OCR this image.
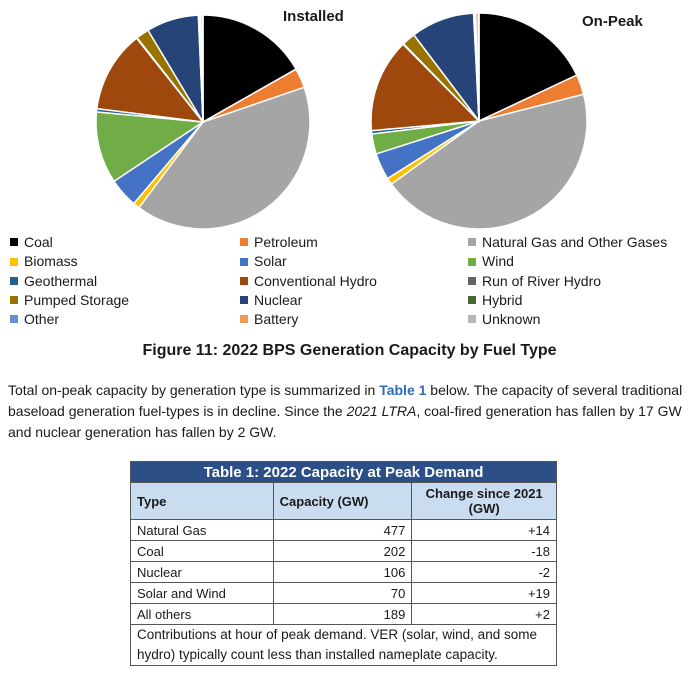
Installed	On-Peak
Coal	Petroleum	Natural Gas and Other Gases
Biomass	Solar	Wind
Geothermal	Conventional Hydro	Run of River Hydro
Pumped Storage	Nuclear	Hybrid
Other	Battery	Unknown
Figure 11: 2022 BPS Generation Capacity by Fuel Type
Total on-peak capacity by generation type is summarized in Table 1 below. The capacity of several traditional baseload generation fuel-types is in decline. Since the 2021 LTRA, coal-fired generation has fallen by 17 GW and nuclear generation has fallen by 2 GW.
Table 1: 2022 Capacity at Peak Demand		
Type	Capacity (GW)	Change since 2021 (GW)
Natural Gas	477	+14
Coal	202	-18
Nuclear	106	-2
Solar and Wind	70	+19
All others	189	+2
Contributions at hour of peak demand. VER (solar, wind, and some hydro) typically count less than installed nameplate capacity.		
